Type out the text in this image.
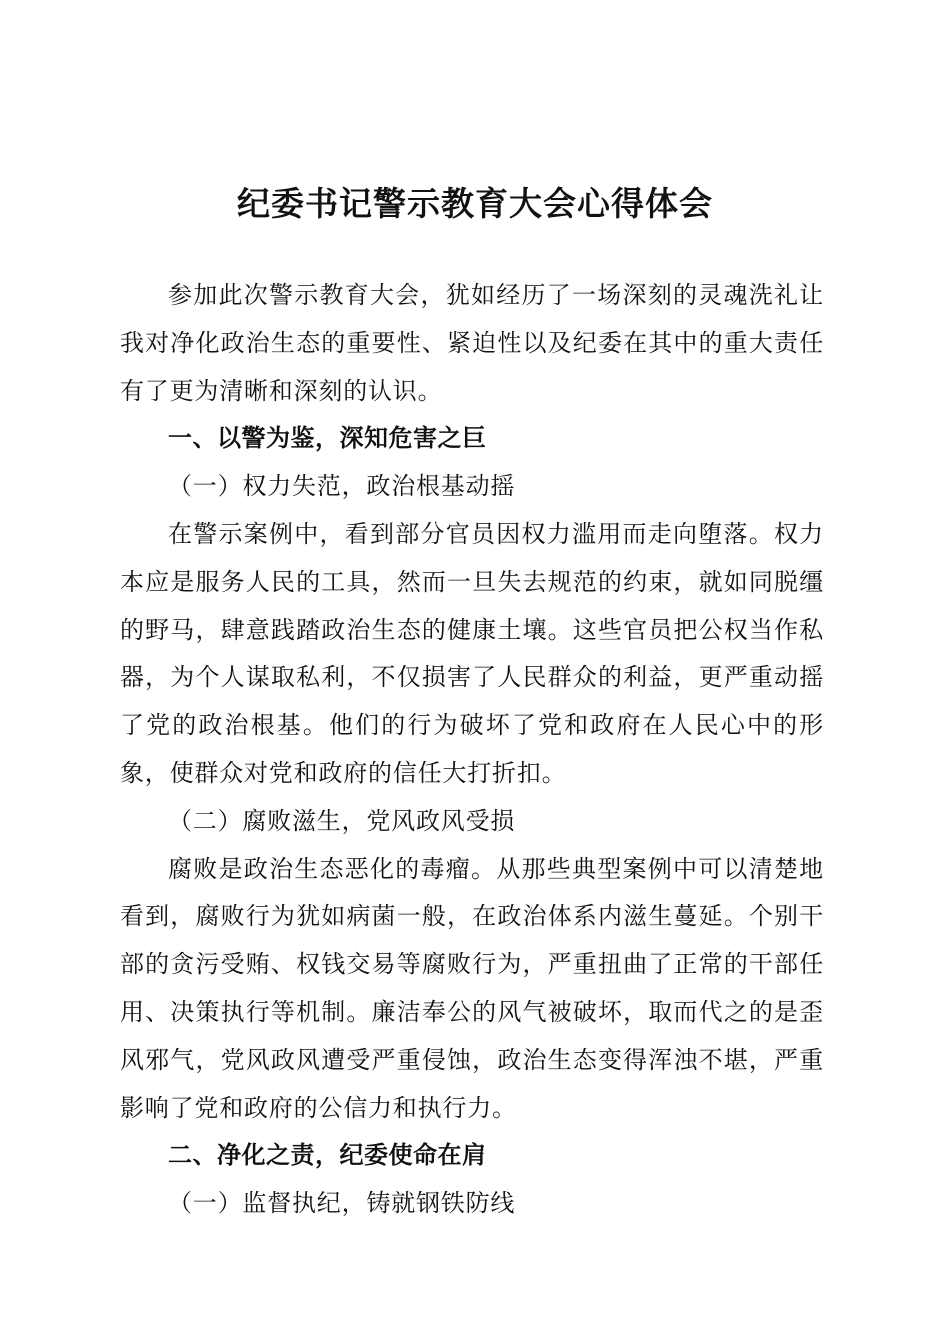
纪委书记警示教育大会心得体会

参加此次警示教育大会，犹如经历了一场深刻的灵魂洗礼让我对净化政治生态的重要性、紧迫性以及纪委在其中的重大责任有了更为清晰和深刻的认识。

一、以警为鉴，深知危害之巨

（一）权力失范，政治根基动摇

在警示案例中，看到部分官员因权力滥用而走向堕落。权力本应是服务人民的工具，然而一旦失去规范的约束，就如同脱缰的野马，肆意践踏政治生态的健康土壤。这些官员把公权当作私器，为个人谋取私利，不仅损害了人民群众的利益，更严重动摇了党的政治根基。他们的行为破坏了党和政府在人民心中的形象，使群众对党和政府的信任大打折扣。

（二）腐败滋生，党风政风受损

腐败是政治生态恶化的毒瘤。从那些典型案例中可以清楚地看到，腐败行为犹如病菌一般，在政治体系内滋生蔓延。个别干部的贪污受贿、权钱交易等腐败行为，严重扭曲了正常的干部任用、决策执行等机制。廉洁奉公的风气被破坏，取而代之的是歪风邪气，党风政风遭受严重侵蚀，政治生态变得浑浊不堪，严重影响了党和政府的公信力和执行力。

二、净化之责，纪委使命在肩

（一）监督执纪，铸就钢铁防线
